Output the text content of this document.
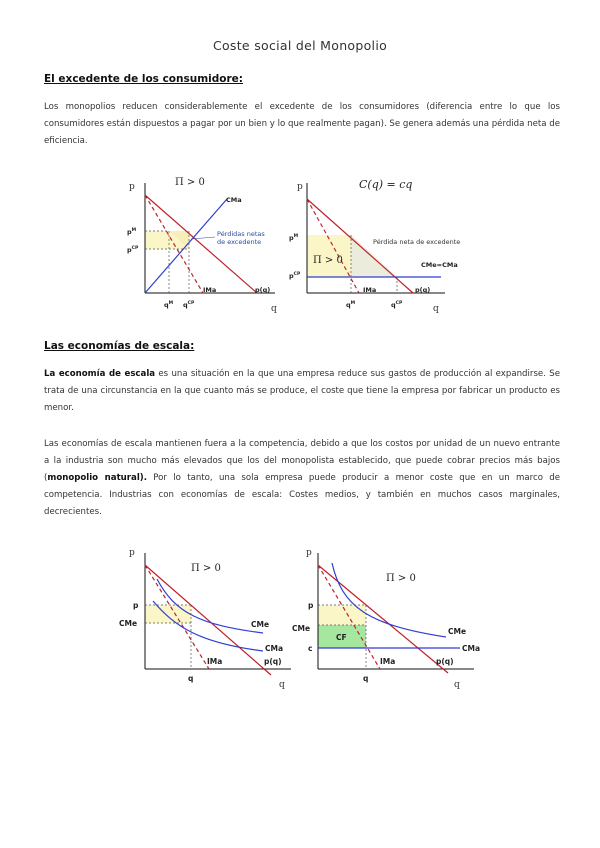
Coste social del Monopolio
El excedente de los consumidore:

Los monopolios reducen considerablemente el excedente de los consumidores (diferencia entre lo que los consumidores están dispuestos a pagar por un bien y lo que realmente pagan). Se genera además una pérdida neta de eficiencia.

p
q
Π > 0
CMa
IMa	p(q)
$p^M$
$p^{CP}$
$q^M$ $q^{CP}$
Pérdidas netas
de excedente
p
q
C(q) = cq
Π > 0
Pérdida neta de excedente
CMe=CMa
IMa	p(q)
$p^M$
$p^{CP}$
$q^M$	$q^{CP}$
Las economías de escala:

La economía de escala es una situación en la que una empresa reduce sus gastos de producción al expandirse. Se trata de una circunstancia en la que cuanto más se produce, el coste que tiene la empresa por fabricar un producto es menor.

Las economías de escala mantienen fuera a la competencia, debido a que los costos por unidad de un nuevo entrante a la industria son mucho más elevados que los del monopolista establecido, que puede cobrar precios más bajos (monopolio natural). Por lo tanto, una sola empresa puede producir a menor coste que en un marco de competencia. Industrias con economías de escala: Costes medios, y también en muchos casos marginales, decrecientes.

p
q
Π > 0
p
CMe	CMe
CMa
IMa	p(q)
q
p
q
Π > 0
p
CMe
c
CF
CMe
CMa
IMa	p(q)
q
